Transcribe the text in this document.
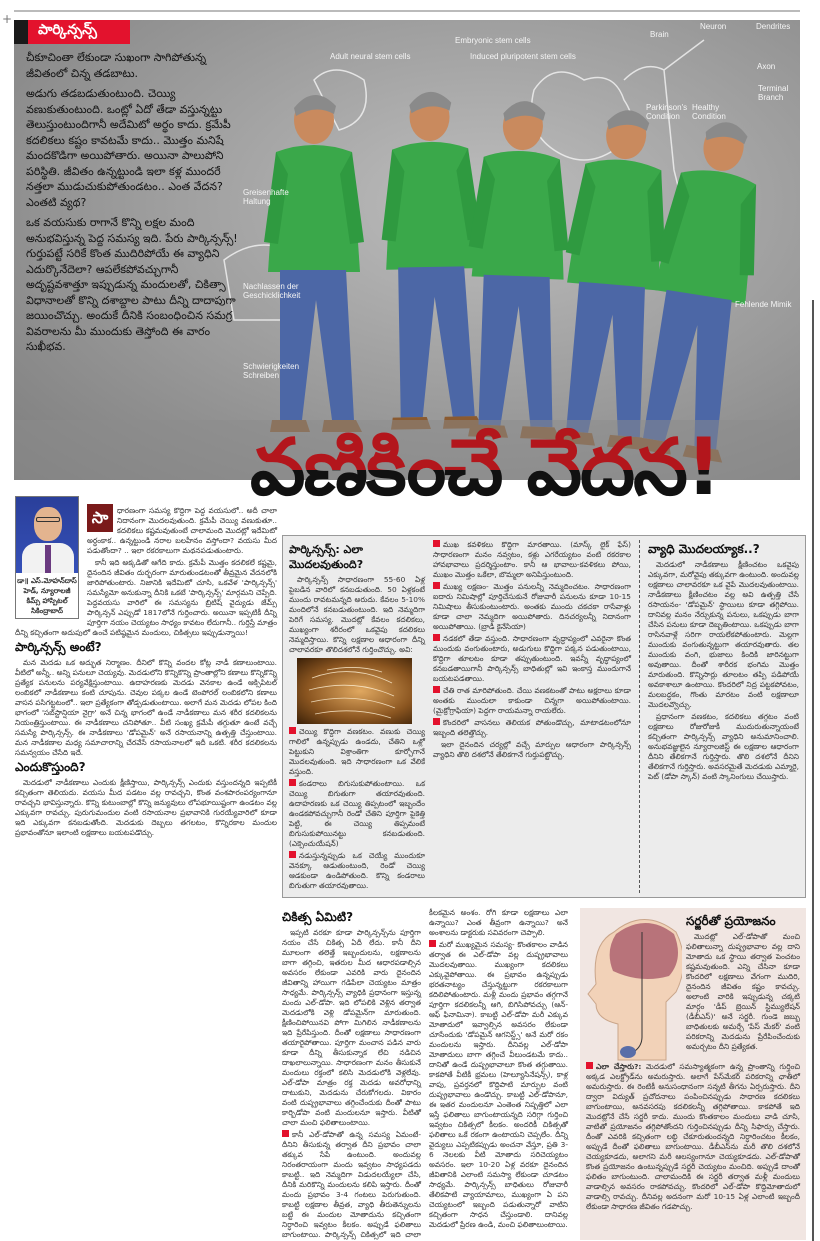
+
Greisenhafte Haltung
Nachlassen der Geschicklichkeit
Schwierigkeiten Schreiben
Fehlende Mimik
Brain
Neuron	Dendrites
Axon
Terminal Branch
Parkinson's Condition
Healthy Condition
Embryonic stem cells
Adult neural stem cells	Induced pluripotent stem cells
పార్కిన్సన్స్

చీకూచింతా లేకుండా సుఖంగా సాగిపోతున్న జీవితంలో చిన్న తడబాటు.

అడుగు తడబడుతుంటుంది. చెయ్యి వణుకుతుంటుంది. ఒంట్లో ఏదో తేడా వస్తున్నట్టు తెలుస్తుంటుందిగానీ అదేమిటో అర్థం కాదు. క్రమేపీ కదలికలు కష్టం కావటమే కాదు.. మొత్తం మనిషే మందకొడిగా అయిపోతారు. అయినా పాలుపోని పరిస్థితి. జీవితం ఉన్నట్టుండి ఇలా కళ్ల ముందరే నత్తలా ముడుచుకుపోతుండటం.. ఎంత వేదన? ఎంతటి వ్యథ?

ఒక వయసుకు రాగానే కొన్ని లక్షల మంది అనుభవిస్తున్న పెద్ద సమస్య ఇది. పేరు పార్కిన్సన్స్! గుర్తుపట్టే సరికే కొంత ముదిరిపోయే ఈ వ్యాధిని ఎదుర్కొనేదెలా? ఆపలేకపోవచ్చుగానీ అదృష్టవశాత్తూ ఇప్పుడున్న మందులతో, చికిత్సా విధానాలతో కొన్ని దశాబ్దాల పాటు దీన్ని దాదాపుగా జయించొచ్చు. అందుకే దీనికి సంబంధించిన సమగ్ర వివరాలను మీ ముందుకు తెస్తోంది ఈ వారం సుఖీభవ.

వణికించే వేదన!
డా॥ ఎస్‌.మోహన్‌దాస్‌
హెడ్‌, న్యూరాలజీ
కిమ్స్‌ హాస్పిటల్‌
సికింద్రాబాద్‌
సా	ధారణంగా సమస్య కొద్దిగా పెద్ద వయసులో.. అదీ చాలా నిదానంగా మొదలవుతుంది. క్రమేపీ చెయ్యి వణుకుతూ.. కదలికలు కష్టమవుతుంటే చాలామంది మొదట్లో ఇదేమిటో అర్థంకాక.. ఉన్నట్టుండి నరాల బలహీనం వస్తోందా? వయసు మీద పడుతోందా? .. ఇలా రకరకాలుగా మథనపడుతుంటారు.

కానీ ఇది అక్కడితో ఆగేది కాదు. క్రమేపీ మొత్తం కదలికలే కష్టమై, దైనందిన జీవితం దుర్భరంగా మారుతుండటంతో తీవ్రమైన వేదనలోకి జారిపోతుంటారు. నిజానికి ఇదేమిటో చూసి, ఒకవేళ 'పార్కిన్సన్స్' సమస్యేమో అనుకున్నా దీనికి ఒకటే 'పార్కిన్సన్స్' మార్గమని చెప్పేది. పెద్దవయసు వారిలో ఈ సమస్యను బ్రిటిష్‌ వైద్యుడు జేమ్స్‌ పార్కిన్సన్‌ ఎప్పుడో 1817లోనే గుర్తించారు. అయినా ఇప్పటికీ దీన్ని పూర్తిగా నయం చెయ్యటం సాధ్యం కావటం లేదుగానీ.. గుర్తిస్తే మాత్రం దీన్ని కచ్చితంగా అదుపులో ఉంచే పటిష్ఠమైన మందులు, చికిత్సలు ఇప్పుడున్నాయి!

పార్కిన్సన్స్‌ అంటే?

మన మెదడు ఒక అద్భుత నిర్మాణం. దీనిలో కొన్ని వందల కోట్ల నాడీ కణాలుంటాయి. వీటిలో అన్నీ.. అన్ని పనులూ చెయ్యవు. మెదడులోని కొన్నికొన్ని ప్రాంతాల్లోని కణాలు కొన్నికొన్ని ప్రత్యేక పనులను పర్యవేక్షిస్తుంటాయి. ఉదాహరణకు మెదడు వెనకాల ఉండే ఆక్సిపిటల్‌ లంబికలో నాడీకణాలు కంటి చూపును. చెవుల పక్కల ఉండే టెంపోరల్‌ లంబికలోని కణాలు వాసన పసిగట్టటంలో.. ఇలా ప్రత్యేకంగా తోడ్పడుతుంటాయి. అలాగే మన మెదడు లోపల కింది భాగంలో 'సబ్‌స్టాన్షియా నైగ్రా' అనే చిన్న భాగంలో ఉండే నాడీకణాలు మన శరీర కదలికలను నియంత్రిస్తుంటాయి. ఈ నాడీకణాలు చనిపోతూ.. వీటి సంఖ్య క్రమేపీ తగ్గుతూ ఉంటే వచ్చే సమస్యే పార్కిన్సన్స్‌. ఈ నాడీకణాలు 'డోపమైన్‌' అనే రసాయనాన్ని ఉత్పత్తి చేస్తుంటాయి. మన నాడీకణాల మధ్య సమాచారాన్ని చేరవేసే రసాయనాలలో ఇదీ ఒకటి. శరీర కదలికలను సమన్వయం చేసేది ఇదే.

ఎందుకొస్తుంది?

మెదడులో నాడీకణాలు ఎందుకు క్షీణిస్తాయి, పార్కిన్సన్స్‌ ఎందుకు వస్తుందన్నది ఇప్పటికీ కచ్చితంగా తెలియదు. వయసు మీద పడటం వల్ల రావచ్చని, కొంత వంశపారంపర్యంగానూ రావచ్చని భావిస్తున్నారు. కొన్ని కుటుంబాల్లో కొన్ని జన్యువులు లోపభూయిష్టంగా ఉండటం వల్ల ఎక్కువగా రావచ్చు. పురుగుమందుల వంటి రసాయనాల ప్రభావానికి గురయ్యేవారిలో కూడా ఇది ఎక్కువగా కనబడుతోంది. మెదడుకు దెబ్బలు తగలటం, కొన్నిరకాల మందుల ప్రభావంతోనూ ఇలాంటి లక్షణాలు బయటపడొచ్చు.

పార్కిన్సన్స్‌: ఎలా మొదలవుతుంది?

పార్కిన్సన్స్‌ సాధారణంగా 55-60 ఏళ్ల పైబడిన వారిలో కనబడుతుంది. 50 ఏళ్లకంటే ముందు రావటమన్నది అరుదు. కేవలం 5-10% మందిలోనే కనబడుతుంటుంది. ఇది నెమ్మదిగా పెరిగే సమస్య. మొదట్లో కేవలం కదలికలు, ముఖ్యంగా శరీరంలో ఒకవైపు కదలికలు నెమ్మదిస్తాయి. కొన్ని లక్షణాల ఆధారంగా దీన్ని చాలావరకూ తొలిదశలోనే గుర్తించొచ్చు. అవి:

చెయ్యి కొద్దిగా వణకటం. వణుకు చెయ్యి గాలిలో ఉన్నప్పుడు ఉండదు, చేతిని ఒళ్లో పెట్టుకుని విశ్రాంతిగా కూర్చోగానే మొదలవుతుంది. ఇది సాధారణంగా ఒక వేలికే వస్తుంది.

కండరాలు బిగుసుకుపోతుంటాయి. ఒక చెయ్యి బిగుతుగా తయారవుతుంది. ఉదాహరణకు ఒక చెయ్యి తిప్పటంలో ఇబ్బందేం ఉండకపోవచ్చుగానీ రెండో చేతిని పూర్తిగా పైకెత్తి పెట్టి, ఈ చెయ్యి తిప్పమంటే బిగుసుకుపోయినట్టు కనబడుతుంది. (ఎక్సెంచుయేషన్‌)

నడుస్తున్నప్పుడు ఒక చెయ్యే ముందుకూ వెనక్కూ ఆడుతుంటుంది, రెండో చెయ్యి ఆడకుండా ఉండిపోతుంది. కొన్ని కండరాలు బిగుతుగా తయారవుతాయి.

ముఖ కవళికలు కొద్దిగా మారతాయి. (మాస్క్‌ లైక్‌ ఫేస్‌) సాధారణంగా మనం నవ్వటం, కళ్లు ఎగరేయ్యటం వంటి రకరకాల హావభావాలు ప్రదర్శిస్తుంటాం. కానీ ఆ భావాలు-కవళికలు పోయి, ముఖం మొత్తం ఒకేలా, బొమ్మలా అనిపిస్తుంటుంది.

ముఖ్య లక్షణం- మొత్తం పనులన్నీ నెమ్మదించటం. సాధారణంగా ఐదారు నిమిషాల్లో పూర్తిచేసుకునే రోజువారీ పనులను కూడా 10-15 నిమిషాలు తీసుకుంటుంటారు. అంతకు ముందు చకచకా రాసేవాళ్లు కూడా చాలా నెమ్మదిగా అయిపోతారు. దినచర్యలన్నీ నిదానంగా అయిపోతాయి. (బ్రాడీ కైనేసియా)

నడకలో తేడా వస్తుంది. సాధారణంగా వృద్ధాప్యంలో ఎవరైనా కొంత ముందుకు వంగుతుంటారు, అడుగులు కొద్దిగా పక్కన పడుతుంటాయి, కొద్దిగా తూలటం కూడా తప్పుతుంటుంది. ఇవన్నీ వృద్ధాప్యంలో కనబడతాయిగానీ పార్కిన్సన్స్‌ బాధితుల్లో ఇవి ఇంకాస్త ముందుగానే బయటపడతాయి.

చేతి రాత మారిపోతుంది. చేయి వణకటంతో పాటు అక్షరాలు కూడా అంతకు ముందులా కాకుండా చిన్నగా అయిపోతుంటాయి. (మైక్రోగ్రాఫియా) పెద్దగా రాయమన్నా రాయలేరు.

కొందరిలో వాసనలు తెలియక పోతుండొచ్చు, మాటాడటంలోనూ ఇబ్బంది తలెత్తొచ్చు.

ఇలా దైనందిన చర్యల్లో వచ్చే మార్పుల ఆధారంగా పార్కిన్సన్స్‌ వ్యాధిని తొలి దశలోనే తేలికగానే గుర్తుపట్టొచ్చు.

వ్యాధి మొదలయ్యాక..?

మెదడులో నాడీకణాలు క్షీణించటం ఒకవైపు ఎక్కువగా, మరోవైపు తక్కువగా ఉంటుంది. అందువల్ల లక్షణాలు చాలావరకూ ఒక వైపే మొదలవుతుంటాయి. నాడీకణాలు క్షీణించటం వల్ల అవి ఉత్పత్తి చేసే రసాయనం- 'డోపమైన్‌' స్థాయిలు కూడా తగ్గిపోయి. దానివల్ల మనం నేర్చుకున్న పనులు, ఒకప్పుడు బాగా చేసిన పనులు కూడా దెబ్బతింటాయి. ఒకప్పుడు బాగా రాసినవాళ్లే సరిగా రాయలేకపోతుంటారు. మెల్లగా ముందుకు వంగుతున్నట్టుగా తయారవుతారు. తల ముందుకు వంగి, భుజాలు కిందికి జారినట్టుగా అవుతాయి. దీంతో శారీరక భంగిమ మొత్తం మారుతుంది. కొన్నిసార్లు తూలటం తప్పి పడిపోయే అవకాశాలూ ఉంటాయి. కొందరిలో నిద్ర పట్టకపోవటం, మలబద్ధకం, గొంతు మారటం వంటి లక్షణాలూ మొదలవ్వొచ్చు.

ప్రధానంగా వణకటం, కదలికలు తగ్గటం వంటి లక్షణాలు రోజురోజుకీ ముదురుతున్నాయంటే కచ్చితంగా పార్కిన్సన్స్‌ వ్యాధిని అనుమానించాలి. అనుభవజ్ఞులైన న్యూరాలజిస్ట్‌ ఈ లక్షణాల ఆధారంగా దీనిని తేలికగానే గుర్తిస్తారు. తొలి దశలోనే దీనిని తేలికగానే గుర్తిస్తారు. అవసరమైతే మెదడుకు ఎమ్మారై, పెట్‌ (డోపా స్కాన్‌) వంటి స్కానింగులు చేయిస్తారు.

చికిత్స ఏమిటి?

ఇప్పటి వరకూ కూడా పార్కిన్సన్స్‌ను పూర్తిగా నయం చేసే చికిత్స ఏదీ లేదు. కానీ దీని మూలంగా తలెత్తే ఇబ్బందులను, లక్షణాలను బాగా తగ్గించి, ఇతరుల మీద ఆధారపడాల్సిన అవసరం లేకుండా ఎవరికి వారు దైనందిన జీవితాన్ని హాయిగా గడిపేలా చెయ్యటం మాత్రం సాధ్యమే. పార్కిన్సన్స్‌ వ్యాధికి ప్రధానంగా ఇస్తున్న మందు ఎల్‌-డోపా. ఇది లోపలికి వెళ్లిన తర్వాత మెదడులోకి వెళ్లి డోపమైన్‌గా మారుతుంది. క్షీణించిపోయినవి పోగా మిగిలిన నాడీకణాలను ఇది ప్రేరేపిస్తుంది. దీంతో లక్షణాలు సాధారణంగా తయారైపోతాయి. పూర్తిగా మంచాన పడిన వారు కూడా దీన్ని తీసుకున్నాక లేచి నడిచిన దాఖలాలున్నాయి. సాధారణంగా మనం తీసుకునే మందులు రక్తంలో కలిసి మెదడులోకి వెళ్లలేవు. ఎల్‌-డోపా మాత్రం రక్త మెదడు అవరోధాన్ని దాటుకుని, మెదడును చేరుకోగలదు. వికారం వంటి దుష్ప్రభావాలు తగ్గించేందుకు దీంతో పాటు కార్బిడోపా వంటి మందులనూ ఇస్తారు. వీటితో చాలా మంచి ఫలితాలుంటాయి.

కానీ ఎల్‌-డోపాతో ఉన్న సమస్య ఏమంటే- దీనిని తీసుకున్న తర్వాత దీని ప్రభావం చాలా తక్కువ సేపే ఉంటుంది. అందువల్ల నిరంతరాయంగా మందు ఇవ్వటం సాధ్యపడదు కాబట్టి.. ఇది నెమ్మదిగా విడుదలయ్యేలా చేసి, దీనికి మరికొన్ని మందులను కలిపి ఇస్తారు. దీంతో మందు ప్రభావం 3-4 గంటలు పెరుగుతుంది. కాబట్టి లక్షణాల తీవ్రత, వ్యాధి తీరుతెన్నులను బట్టి ఈ మందుల మోతాదును కచ్చితంగా నిర్ధారించి ఇవ్వటం కీలకం. అప్పుడే ఫలితాలు బాగుంటాయి. పార్కిన్సన్స్‌ చికిత్సలో ఇది చాలా కీలకమైన అంశం. రోగి కూడా లక్షణాలు ఎలా ఉన్నాయి? ఎంత తీవ్రంగా ఉన్నాయి? అనే అంశాలను డాక్టరుకు సవివరంగా చెప్పాలి.

మరో ముఖ్యమైన సమస్య- కొంతకాలం వాడిన తర్వాత ఈ ఎల్‌-డోపా వల్ల దుష్ప్రభావాలు మొదలవుతాయి. ముఖ్యంగా కదలికలు ఎక్కువైపోతాయి. ఈ ప్రభావం ఉన్నప్పుడు భరతనాట్యం చేస్తున్నట్టుగా రకరకాలుగా కదిలిపోతుంటారు. మళ్లీ మందు ప్రభావం తగ్గగానే పూర్తిగా కదలికలన్నీ ఆగి, బిగిసిపోవచ్చు (ఆన్‌-ఆఫ్‌ ఫినామినా). కాబట్టి ఎల్‌-డోపా మరీ ఎక్కువ మోతాదులో ఇవ్వాల్సిన అవసరం లేకుండా చూసేందుకు 'డోపమైన్‌ ఆగనిస్ట్స్‌' అనే మరో రకం మందులను ఇస్తారు. దీనివల్ల ఎల్‌-డోపా మోతాదులు బాగా తగ్గించే వీలుండటమే కాదు.. దానితో ఉండే దుష్ప్రభావాలూ కొంత తగ్గుతాయి. కాకపోతే వీటికీ భ్రమలు (హెల్యూసినేషన్స్‌), కాళ్ల వాపు, ప్రవర్తనలో కొద్దిపాటి మార్పుల వంటి దుష్ప్రభావాలు ఉండొచ్చు. కాబట్టి ఎల్‌-డోపానూ, ఈ ఇతర మందులనూ ఎంతెంత నిష్పత్తిలో ఎలా ఇస్తే ఫలితాలు బాగుంటాయన్నది సరిగ్గా గుర్తించి ఇవ్వటం చికిత్సలో కీలకం. అందరికీ చికిత్సతో ఫలితాలు ఒకే రకంగా ఉంటాయని చెప్పలేం. దీన్ని వైద్యులు ఎప్పటికప్పుడు అంచనా వేస్తూ, ప్రతి 3-6 నెలలకు వీటి మోతాదు సరిచెయ్యటం అవసరం. ఇలా 10-20 ఏళ్ల వరకూ దైనందిన జీవితానికి ఎలాంటి సమస్యా లేకుండా చూడటం సాధ్యమే. పార్కిన్సన్స్‌ బాధితులు రోజువారీ తేలికపాటి వ్యాయామాలు, ముఖ్యంగా ఏ పని చెయ్యటంలో ఇబ్బంది పడుతున్నారో వాటిని కచ్చితంగా సాధన చేస్తుండాలి. దానివల్ల మెదడులో ప్రేరణ ఉండి, మంచి ఫలితాలుంటాయి.

సర్జరీతో ప్రయోజనం

మొదట్లో ఎల్‌-డోపాతో మంచి ఫలితాలున్నా దుష్ప్రభావాల వల్ల దాని మోతాదు ఒక స్థాయి తర్వాత పెంచటం కష్టమవుతుంది. ఎన్ని చేసినా కూడా కొందరిలో లక్షణాలు వేగంగా ముదిరి, దైనందిన జీవితం కష్టం కావచ్చు. అలాంటి వారికి ఇప్పుడున్న చక్కటి మార్గం 'డీప్‌ బ్రెయిన్‌ స్టిమ్యులేషన్‌ (డీబీఎస్‌)' అనే సర్జరీ. గుండె జబ్బు బాధితులకు అమర్చే 'పేస్‌ మేకర్‌' వంటి పరికరాన్ని మెదడును ప్రేరేపించేందుకు అమర్చటం దీని ప్రత్యేకత.

ఎలా చేస్తారు?: మెదడులో సమస్యాత్మకంగా ఉన్న ప్రాంతాన్ని గుర్తించి అక్కడ ఎలక్ట్రోడ్‌ను అమరుస్తారు. అలాగే పేస్‌మేకర్‌ పరికరాన్ని ఛాతీలో అమరుస్తారు. ఈ రెంటికీ అనుసంధానంగా సన్నటి తీగను ఏర్పరుస్తారు. దీని ద్వారా విద్యుత్‌ ప్రచోదనాలు పంపించినప్పుడు సాధారణ కదలికలు బాగుంటాయి, అనవసరపు కదలికలన్నీ తగ్గిపోతాయి. కాకపోతే ఇది మొదట్లోనే చేసే సర్జరీ కాదు. ముందు కొంతకాలం మందులు వాడి చూసి, వాటితో ప్రయోజనం తగ్గిపోతోందని గుర్తించినప్పుడు దీన్ని సిఫార్సు చేస్తారు. దీంతో ఎవరికి కచ్చితంగా లబ్ధి చేకూరుతుందన్నది నిర్ధారించటం కీలకం, అప్పుడే దీంతో ఫలితాలు బాగుంటాయి. డీబీఎస్‌ను మరీ తొలి దశలోనే చెయ్యకూడదు, అలాగని మరీ ఆలస్యంగానూ చెయ్యకూడదు. ఎల్‌-డోపాతో కొంత ప్రయోజనం ఉంటున్నప్పుడే సర్జరీ చెయ్యటం మంచిది. అప్పుడే దాంతో ఫలితం బాగుంటుంది. చాలామందికి ఈ సర్జరీ తర్వాత మళ్లీ మందులు వాడాల్సిన అవసరం రాకపోవచ్చు. కొందరిలో ఎల్‌-డోపా కొద్దిమోతాదులో వాడాల్సి రావచ్చు. దీనివల్ల అదనంగా మరో 10-15 ఏళ్ల ఎలాంటి ఇబ్బందీ లేకుండా సాధారణ జీవితం గడపొచ్చు.
